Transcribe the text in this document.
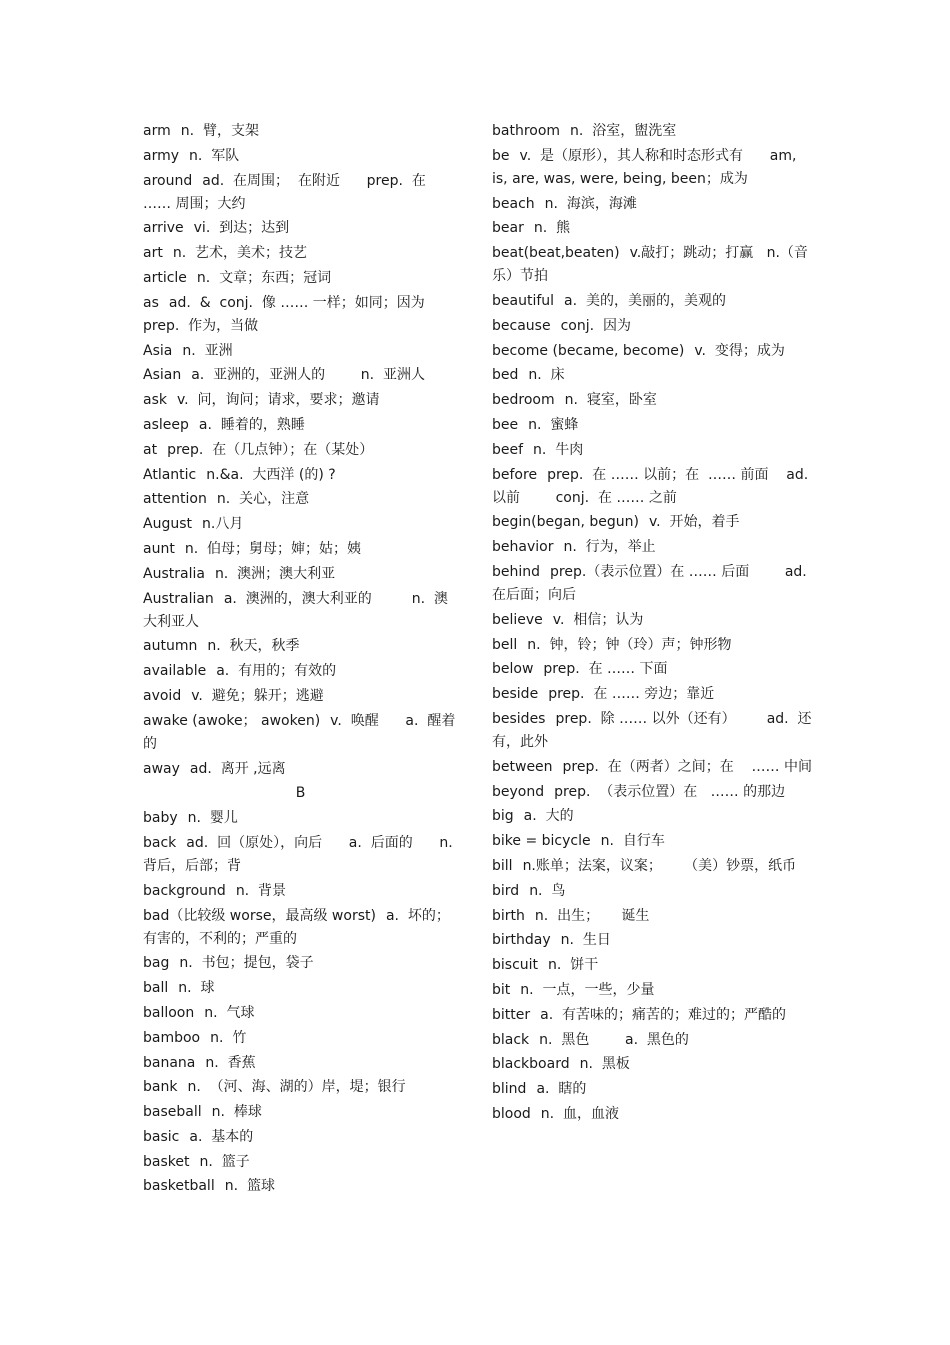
arm n.  臂，支架
army n.  军队
around ad.  在周围；  在附近      prep.  在 …… 周围；大约
arrive vi.  到达；达到
art n.  艺术，美术；技艺
article n.  文章；东西；冠词
as ad.  &  conj.  像 …… 一样；如同；因为 prep.  作为，当做
Asia n.  亚洲
Asian a.  亚洲的，亚洲人的        n.  亚洲人
ask v.  问，询问；请求，要求；邀请
asleep a.  睡着的，熟睡
at prep.  在（几点钟）；在（某处）
Atlantic n.&a.  大西洋 (的) ?
attention n.  关心，注意
August n.八月
aunt n.  伯母；舅母；婶；姑；姨
Australia n.  澳洲；澳大利亚
Australian a.  澳洲的，澳大利亚的         n.  澳大利亚人
autumn n.  秋天，秋季
available a.  有用的；有效的
avoid v.  避免；躲开；逃避
awake (awoke； awoken) v.  唤醒      a.  醒着的
away ad.  离开 ,远离
B
baby n.  婴儿
back ad.  回（原处），向后      a.  后面的      n.  背后，后部；背
background n.  背景
bad（比较级 worse，最高级 worst) a.  坏的；有害的，不利的；严重的
bag n.  书包；提包，袋子
ball n.  球
balloon n.  气球
bamboo n.  竹
banana n.  香蕉
bank n.  （河、海、湖的）岸，堤；银行
baseball n.  棒球
basic a.  基本的
basket n.  篮子
basketball n.  篮球
bathroom n.  浴室，盥洗室
be v.  是（原形），其人称和时态形式有      am, is, are, was, were, being, been；成为
beach n.  海滨，海滩
bear n.  熊
beat(beat,beaten) v.敲打；跳动；打赢   n.（音乐）节拍
beautiful a.  美的，美丽的，美观的
because conj.  因为
become (became, become) v.  变得；成为
bed n.  床
bedroom n.  寝室，卧室
bee n.  蜜蜂
beef n.  牛肉
before prep.  在 …… 以前；在  …… 前面    ad.  以前        conj.  在 …… 之前
begin(began, begun) v.  开始，着手
behavior n.  行为，举止
behind prep.（表示位置）在 …… 后面        ad.  在后面；向后
believe v.  相信；认为
bell n.  钟，铃；钟（玲）声；钟形物
below prep.  在 …… 下面
beside prep.  在 …… 旁边；靠近
besides prep.  除 …… 以外（还有）       ad.  还有，此外
between prep.  在（两者）之间；在    …… 中间
beyond prep.  （表示位置）在   …… 的那边
big a.  大的
bike = bicycle n.  自行车
bill n.账单；法案，议案；     （美）钞票，纸币
bird n.  鸟
birth n.  出生；     诞生
birthday n.  生日
biscuit n.  饼干
bit n.  一点，一些，少量
bitter a.  有苦味的；痛苦的；难过的；严酷的
black n.  黑色        a.  黑色的
blackboard n.  黑板
blind a.  瞎的
blood n.  血，血液
